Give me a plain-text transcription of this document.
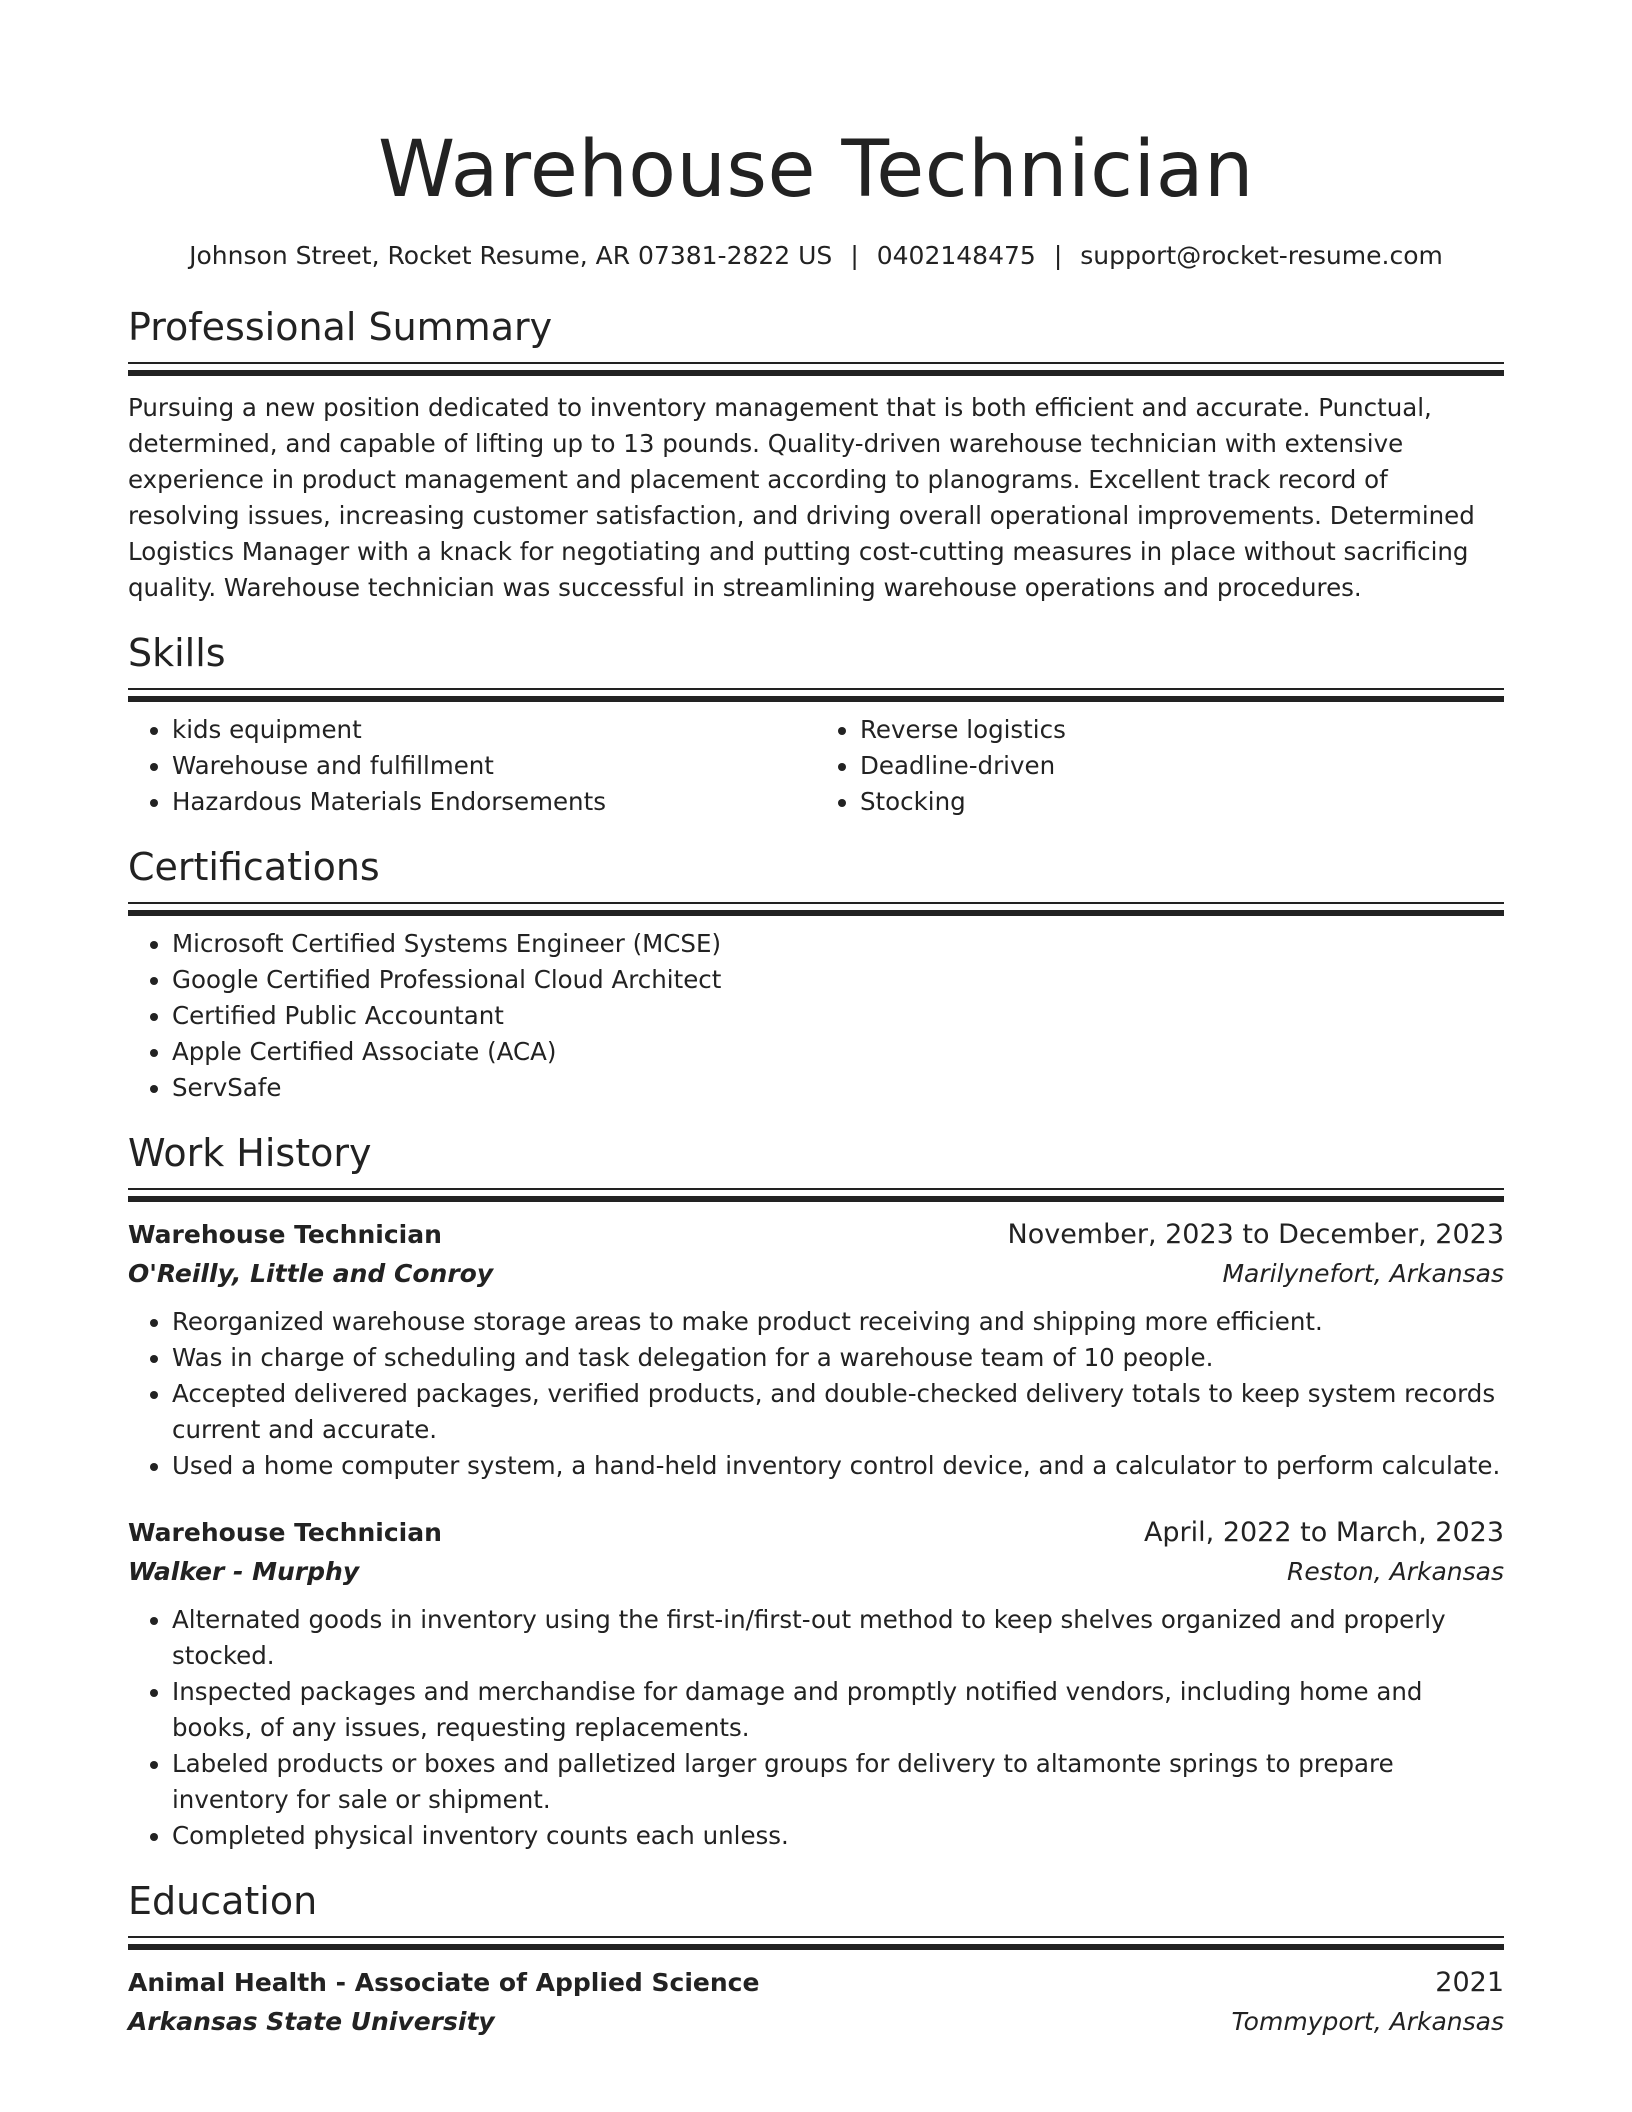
Warehouse Technician
Johnson Street, Rocket Resume, AR 07381-2822 US | 0402148475 | support@rocket-resume.com
Professional Summary

Pursuing a new position dedicated to inventory management that is both efficient and accurate. Punctual, determined, and capable of lifting up to 13 pounds. Quality-driven warehouse technician with extensive experience in product management and placement according to planograms. Excellent track record of resolving issues, increasing customer satisfaction, and driving overall operational improvements. Determined Logistics Manager with a knack for negotiating and putting cost-cutting measures in place without sacrificing quality. Warehouse technician was successful in streamlining warehouse operations and procedures.

Skills
• kids equipment
• Warehouse and fulfillment
• Hazardous Materials Endorsements
• Reverse logistics
• Deadline-driven
• Stocking
Certifications
• Microsoft Certified Systems Engineer (MCSE)
• Google Certified Professional Cloud Architect
• Certified Public Accountant
• Apple Certified Associate (ACA)
• ServSafe
Work History
Warehouse Technician	November, 2023 to December, 2023
O'Reilly, Little and Conroy	Marilynefort, Arkansas
• Reorganized warehouse storage areas to make product receiving and shipping more efficient.
• Was in charge of scheduling and task delegation for a warehouse team of 10 people.
• Accepted delivered packages, verified products, and double-checked delivery totals to keep system records current and accurate.
• Used a home computer system, a hand-held inventory control device, and a calculator to perform calculate.
Warehouse Technician	April, 2022 to March, 2023
Walker - Murphy	Reston, Arkansas
• Alternated goods in inventory using the first-in/first-out method to keep shelves organized and properly stocked.
• Inspected packages and merchandise for damage and promptly notified vendors, including home and books, of any issues, requesting replacements.
• Labeled products or boxes and palletized larger groups for delivery to altamonte springs to prepare inventory for sale or shipment.
• Completed physical inventory counts each unless.
Education
Animal Health - Associate of Applied Science	2021
Arkansas State University	Tommyport, Arkansas
